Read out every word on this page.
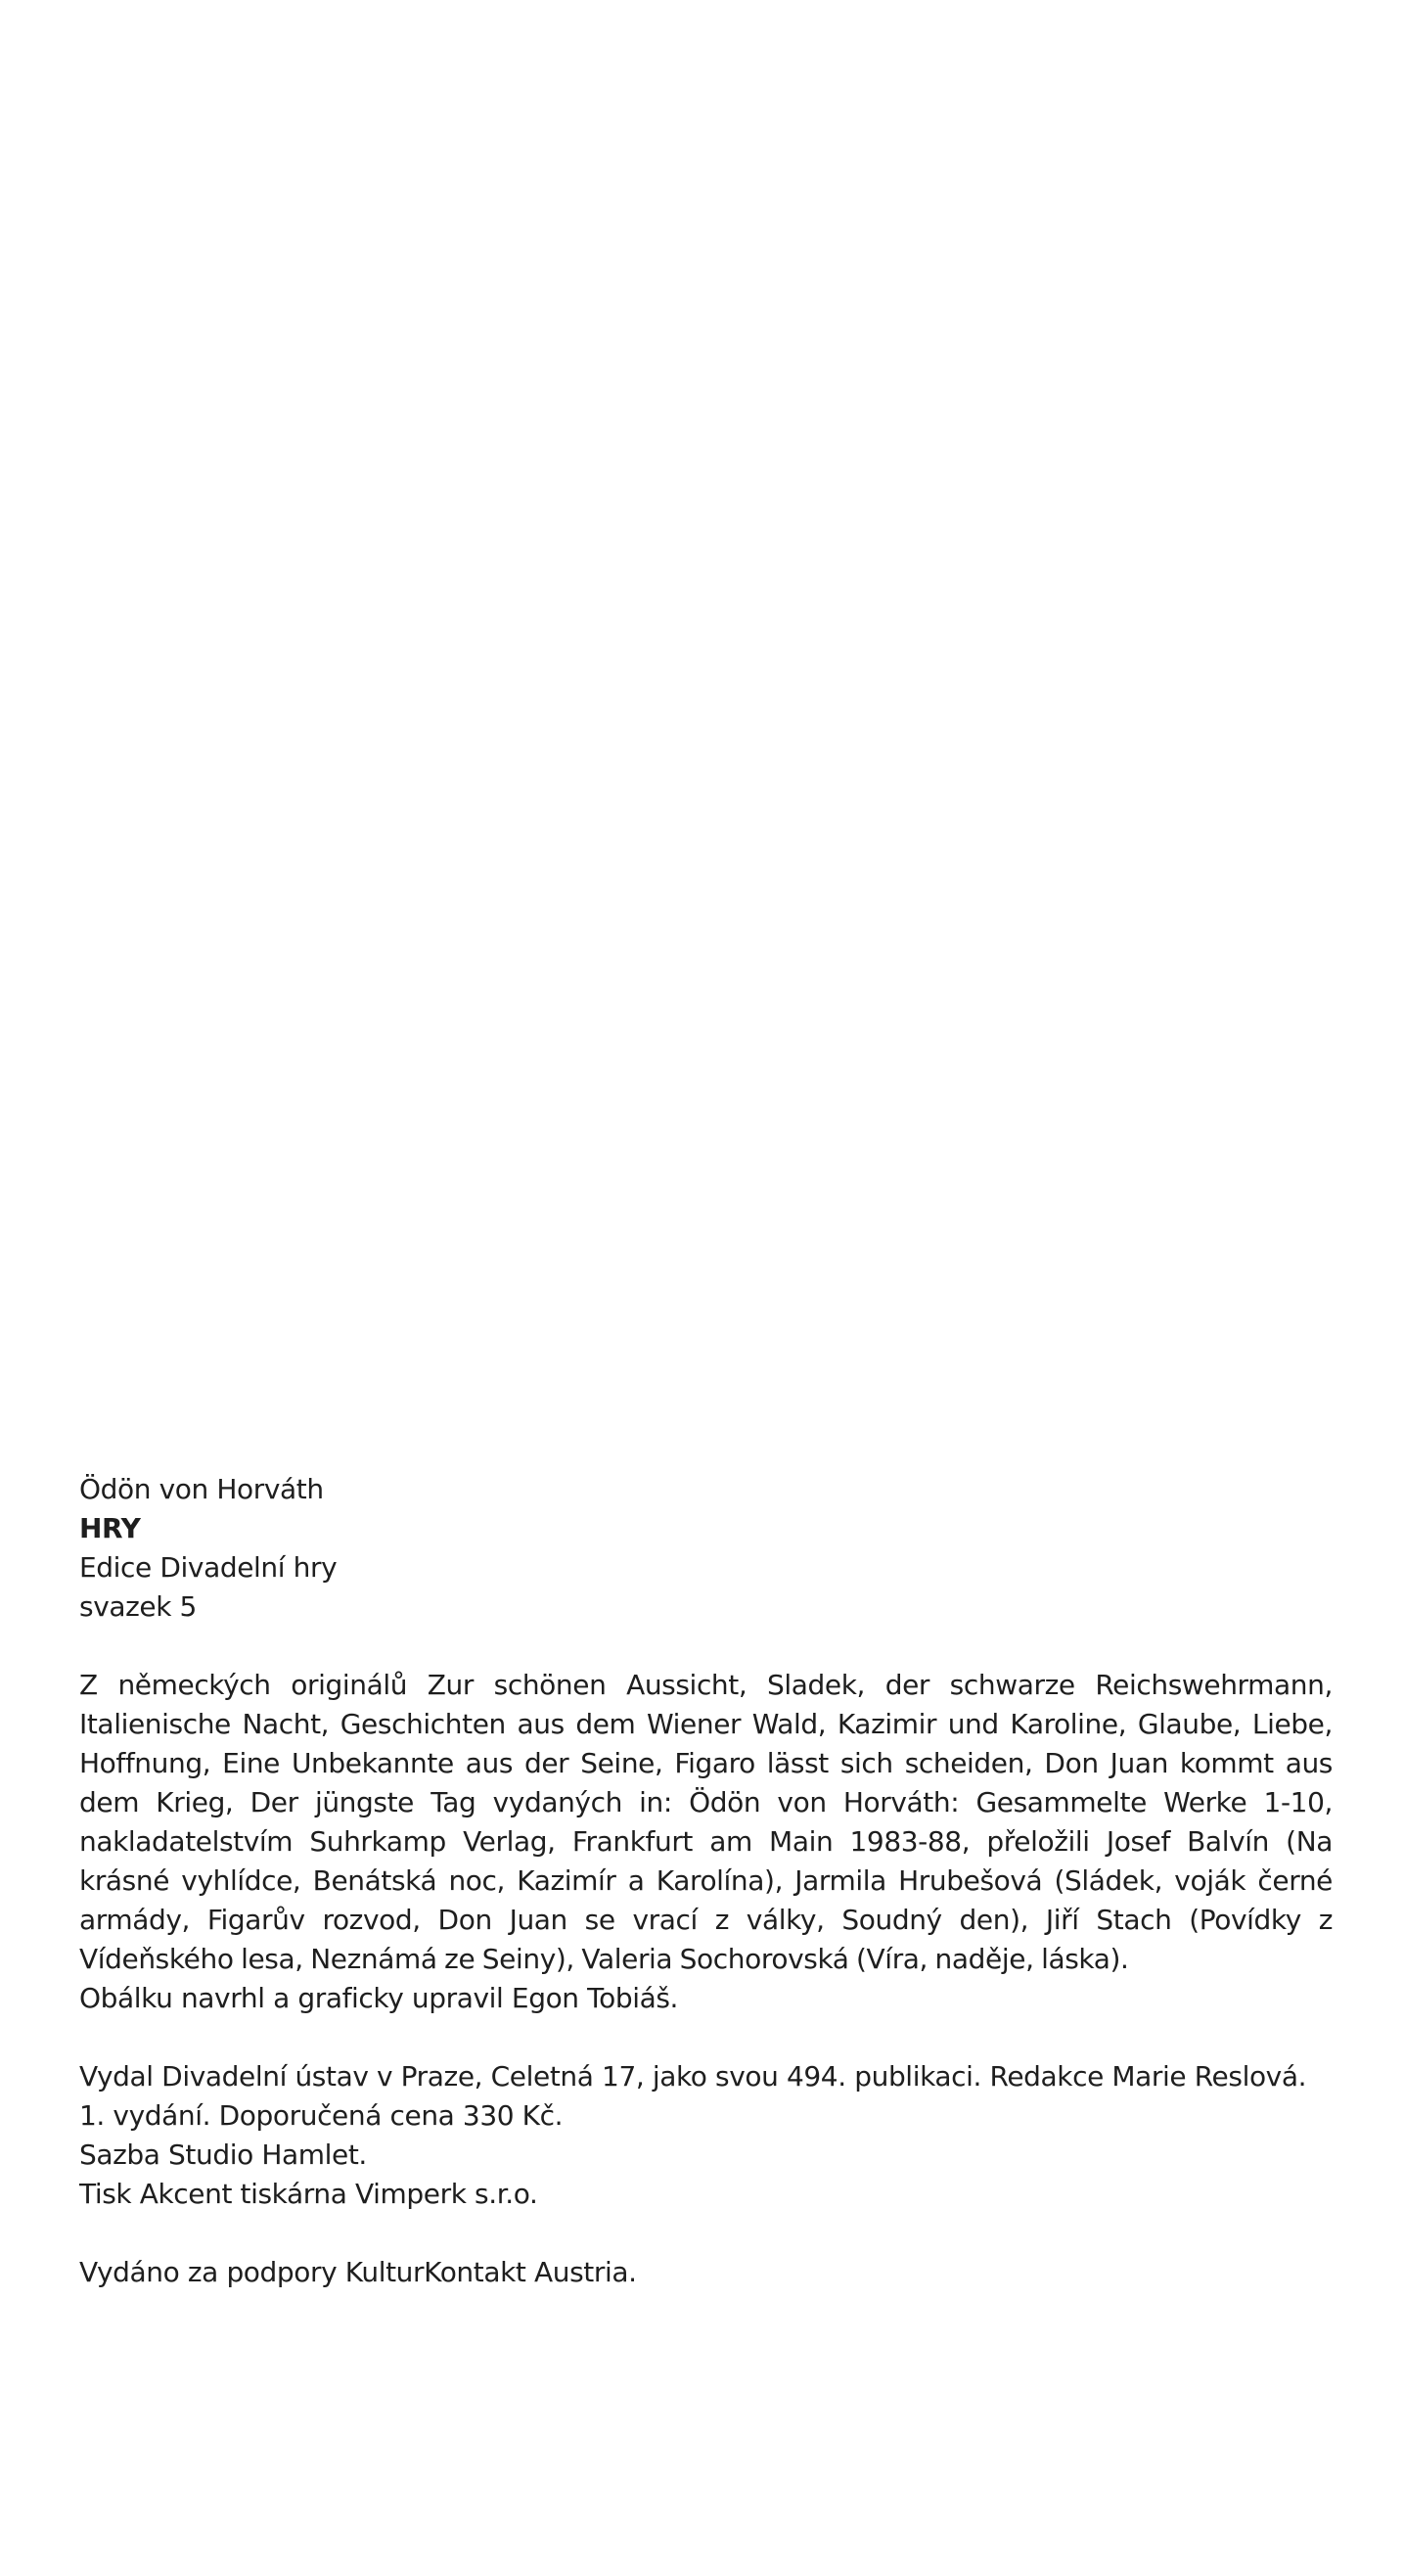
Ödön von Horváth
HRY
Edice Divadelní hry
svazek 5
Z německých originálů Zur schönen Aussicht, Sladek, der schwarze Reichswehrmann, Italienische Nacht, Geschichten aus dem Wiener Wald, Kazimir und Karoline, Glaube, Liebe, Hoffnung, Eine Unbekannte aus der Seine, Figaro lässt sich scheiden, Don Juan kommt aus dem Krieg, Der jüngste Tag vydaných in: Ödön von Horváth: Gesammelte Werke 1-10, nakladatelstvím Suhrkamp Verlag, Frankfurt am Main 1983-88, přeložili Josef Balvín (Na krásné vyhlídce, Benátská noc, Kazimír a Karolína), Jarmila Hrubešová (Sládek, voják černé armády, Figarův rozvod, Don Juan se vrací z války, Soudný den), Jiří Stach (Povídky z Vídeňského lesa, Neznámá ze Seiny), Valeria Sochorovská (Víra, naděje, láska).
Obálku navrhl a graficky upravil Egon Tobiáš.
Vydal Divadelní ústav v Praze, Celetná 17, jako svou 494. publikaci. Redakce Marie Reslová.
1. vydání. Doporučená cena 330 Kč.
Sazba Studio Hamlet.
Tisk Akcent tiskárna Vimperk s.r.o.
Vydáno za podpory KulturKontakt Austria.
